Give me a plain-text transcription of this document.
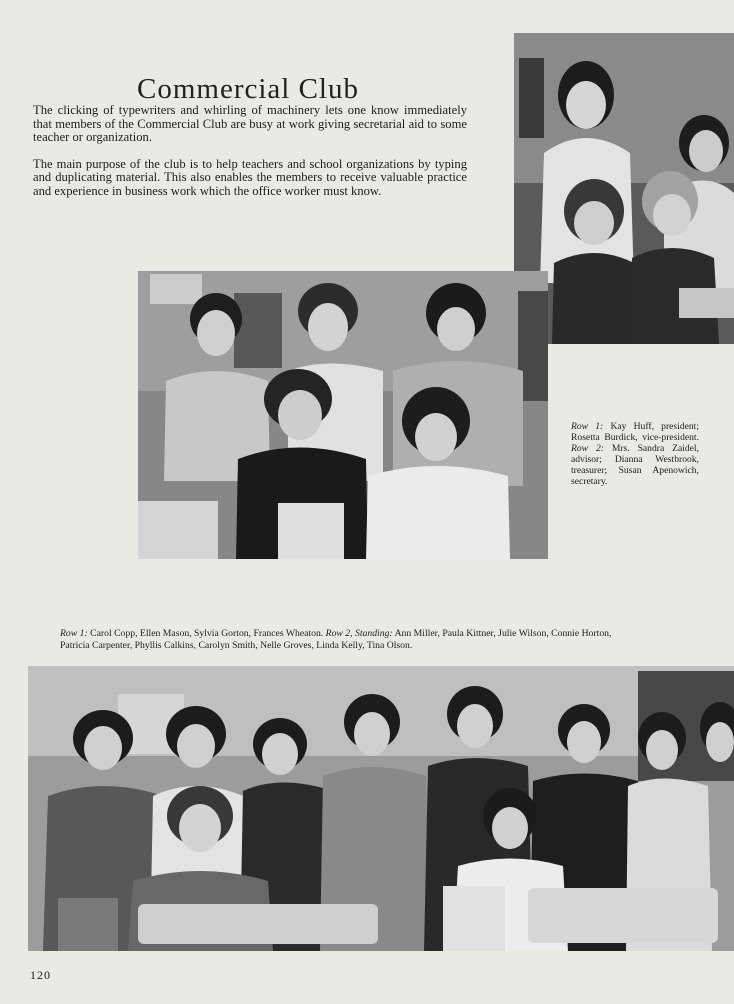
Commercial Club

The clicking of typewriters and whirling of machinery lets one know immediately that members of the Commercial Club are busy at work giving secretarial aid to some teacher or organization.

The main purpose of the club is to help teachers and school organizations by typing and duplicating material. This also enables the members to receive valuable practice and experience in business work which the office worker must know.

Row 1: Kay Huff, president; Rosetta Burdick, vice-president. Row 2: Mrs. Sandra Zaidel, advisor; Dianna Westbrook, treasurer; Susan Apenowich, secretary.
Row 1: Carol Copp, Ellen Mason, Sylvia Gorton, Frances Wheaton. Row 2, Standing: Ann Miller, Paula Kittner, Julie Wilson, Connie Horton,
Patricia Carpenter, Phyllis Calkins, Carolyn Smith, Nelle Groves, Linda Kelly, Tina Olson.
120
